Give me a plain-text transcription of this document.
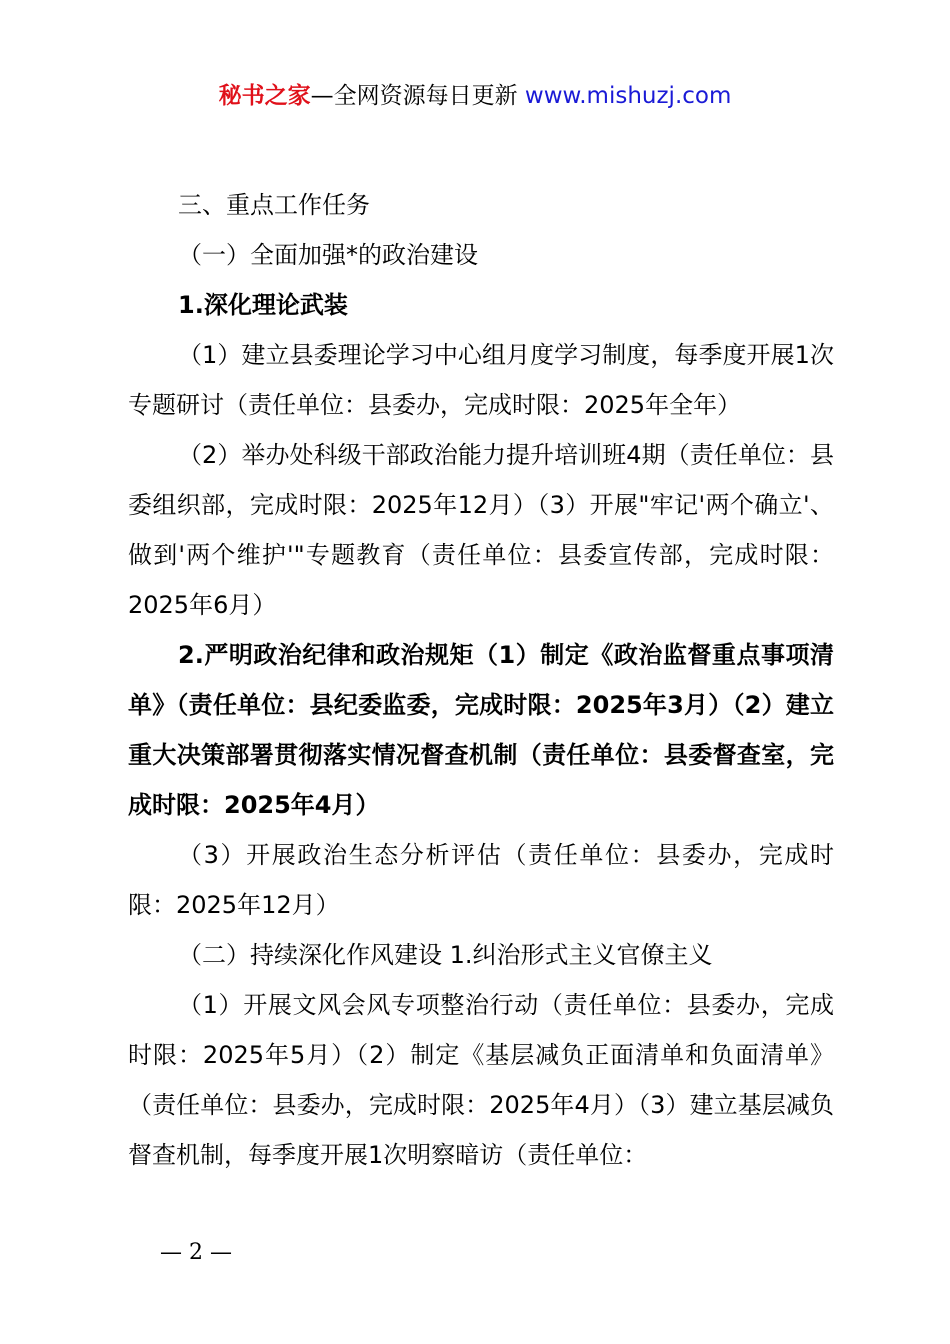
秘书之家—全网资源每日更新 www.mishuzj.com

三、重点工作任务

（一）全面加强*的政治建设

1.深化理论武装

（1）建立县委理论学习中心组月度学习制度，每季度开展1次专题研讨（责任单位：县委办，完成时限：2025年全年）

（2）举办处科级干部政治能力提升培训班4期（责任单位：县委组织部，完成时限：2025年12月）（3）开展"牢记'两个确立'、做到'两个维护'"专题教育（责任单位：县委宣传部，完成时限：2025年6月）

2.严明政治纪律和政治规矩（1）制定《政治监督重点事项清单》（责任单位：县纪委监委，完成时限：2025年3月）（2）建立重大决策部署贯彻落实情况督查机制（责任单位：县委督查室，完成时限：2025年4月）

（3）开展政治生态分析评估（责任单位：县委办，完成时限：2025年12月）

（二）持续深化作风建设 1.纠治形式主义官僚主义

（1）开展文风会风专项整治行动（责任单位：县委办，完成时限：2025年5月）（2）制定《基层减负正面清单和负面清单》（责任单位：县委办，完成时限：2025年4月）（3）建立基层减负督查机制，每季度开展1次明察暗访（责任单位：

— 2 —
